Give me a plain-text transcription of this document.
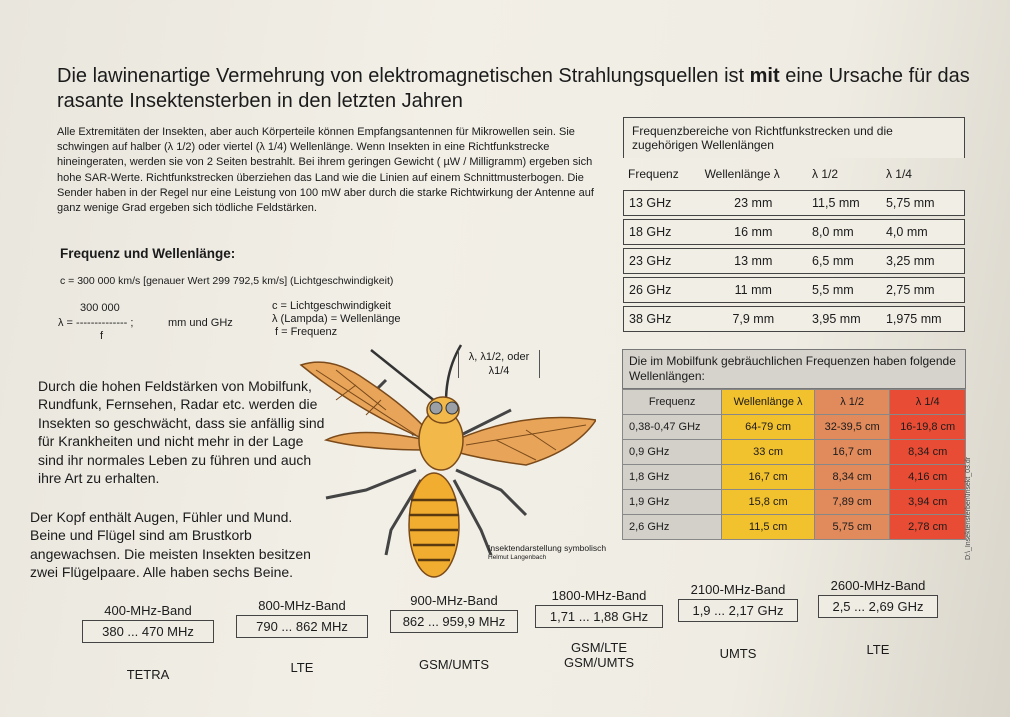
Die lawinenartige Vermehrung von elektromagnetischen Strahlungsquellen ist mit eine Ursache für das rasante Insektensterben in den letzten Jahren
Alle Extremitäten der Insekten, aber auch Körperteile können Empfangsantennen für Mikrowellen sein. Sie schwingen auf halber (λ 1/2) oder viertel (λ 1/4) Wellenlänge. Wenn Insekten in eine Richtfunkstrecke hineingeraten, werden sie von 2 Seiten bestrahlt. Bei ihrem geringen Gewicht ( µW / Milligramm) ergeben sich hohe SAR-Werte. Richtfunkstrecken überziehen das Land wie die Linien auf einem Schnittmusterbogen. Die Sender haben in der Regel nur eine Leistung von 100 mW aber durch die starke Richtwirkung der Antenne auf ganz wenige Grad ergeben sich tödliche Feldstärken.
Frequenz und Wellenlänge:
c = 300 000 km/s [genauer Wert 299 792,5 km/s] (Lichtgeschwindigkeit)
300 000
λ = -------------- ;
f
mm und GHz
c = Lichtgeschwindigkeit
λ (Lampda) = Wellenlänge
f = Frequenz
Durch die hohen Feldstärken von Mobilfunk, Rundfunk, Fernsehen, Radar etc. werden die Insekten so geschwächt, dass sie anfällig sind für Krankheiten und nicht mehr in der Lage sind ihr normales Leben zu führen und auch ihre Art zu erhalten.
Der Kopf enthält Augen, Fühler und Mund. Beine und Flügel sind am Brustkorb angewachsen. Die meisten Insekten besitzen zwei Flügelpaare. Alle haben sechs Beine.
λ, λ1/2, oder λ1/4
Insektendarstellung symbolisch
Helmut Langenbach
Frequenzbereiche von Richtfunkstrecken und die zugehörigen Wellenlängen
Frequenz	Wellenlänge λ	λ 1/2	λ 1/4
13 GHz	23 mm	11,5 mm	5,75 mm
18 GHz	16 mm	8,0 mm	4,0 mm
23 GHz	13 mm	6,5 mm	3,25 mm
26 GHz	11 mm	5,5 mm	2,75 mm
38 GHz	7,9 mm	3,95 mm	1,975 mm
Die im Mobilfunk gebräuchlichen Frequenzen haben folgende Wellenlängen:
Frequenz	Wellenlänge λ	λ 1/2	λ 1/4
0,38-0,47 GHz	64-79 cm	32-39,5 cm	16-19,8 cm
0,9 GHz	33 cm	16,7 cm	8,34 cm
1,8 GHz	16,7 cm	8,34 cm	4,16 cm
1,9 GHz	15,8 cm	7,89 cm	3,94 cm
2,6 GHz	11,5 cm	5,75 cm	2,78 cm
400-MHz-Band
380 ... 470 MHz
TETRA
800-MHz-Band
790 ... 862 MHz
LTE
900-MHz-Band
862 ... 959,9 MHz
GSM/UMTS
1800-MHz-Band
1,71 ... 1,88 GHz
GSM/LTE GSM/UMTS
2100-MHz-Band
1,9 ... 2,17 GHz
UMTS
2600-MHz-Band
2,5 ... 2,69 GHz
LTE
D:\_Insektensterben\Insekt_03.dr
